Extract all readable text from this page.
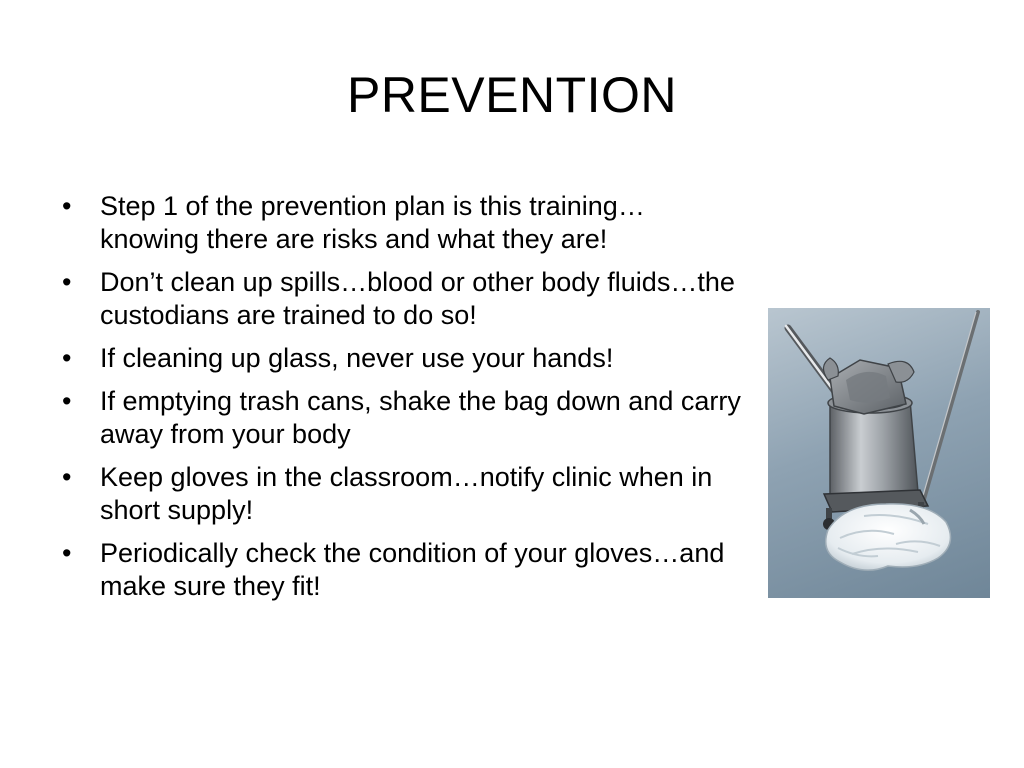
PREVENTION
•	Step 1 of the prevention plan is this training…knowing there are risks and what they are!
•	Don’t clean up spills…blood or other body fluids…the custodians are trained to do so!
•	If cleaning up glass, never use your hands!
•	If emptying trash cans, shake the bag down and carry away from your body
•	Keep gloves in the classroom…notify clinic when in short supply!
•	Periodically check the condition of your gloves…and make sure they fit!
